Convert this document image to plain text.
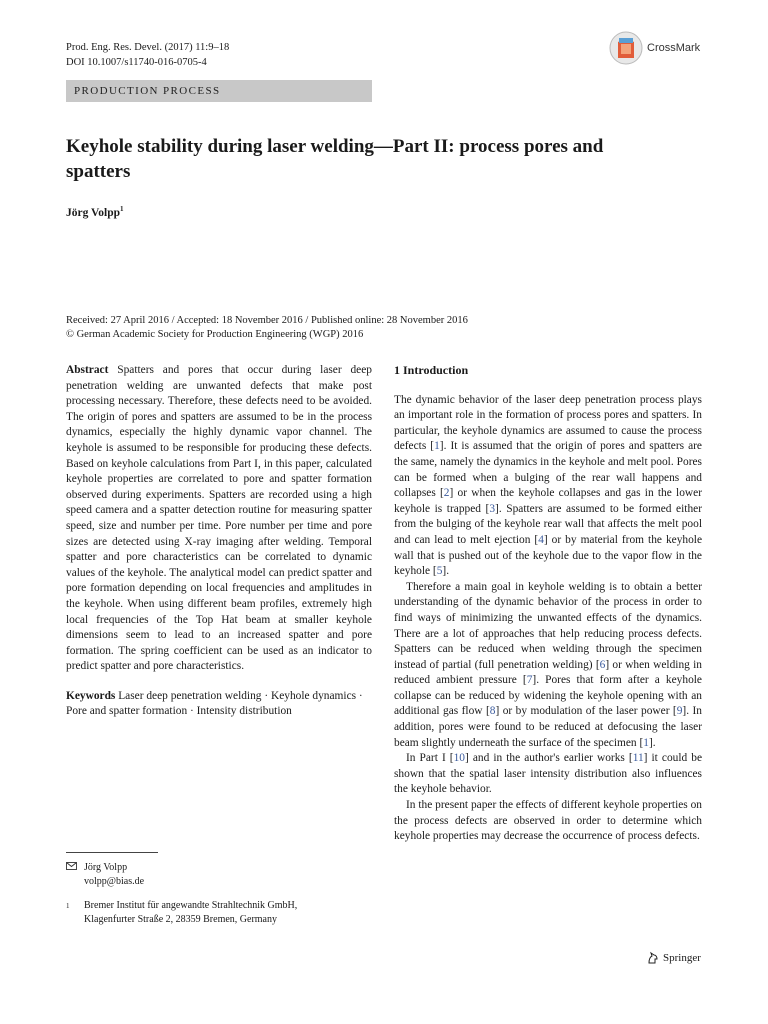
Prod. Eng. Res. Devel. (2017) 11:9–18
DOI 10.1007/s11740-016-0705-4
CrossMark
PRODUCTION PROCESS
Keyhole stability during laser welding—Part II: process pores and spatters
Jörg Volpp$^1$
Received: 27 April 2016 / Accepted: 18 November 2016 / Published online: 28 November 2016
© German Academic Society for Production Engineering (WGP) 2016

Abstract Spatters and pores that occur during laser deep penetration welding are unwanted defects that make post processing necessary. Therefore, these defects need to be avoided. The origin of pores and spatters are assumed to be in the process dynamics, especially the highly dynamic vapor channel. The keyhole is assumed to be responsible for producing these defects. Based on keyhole calculations from Part I, in this paper, calculated keyhole properties are correlated to pore and spatter formation observed during experiments. Spatters are recorded using a high speed camera and a spatter detection routine for measuring spatter speed, size and number per time. Pore number per time and pore sizes are detected using X-ray imaging after welding. Temporal spatter and pore characteristics can be correlated to dynamic values of the keyhole. The analytical model can predict spatter and pore formation depending on local frequencies and amplitudes in the keyhole. When using different beam profiles, extremely high local frequencies of the Top Hat beam at smaller keyhole dimensions seem to lead to an increased spatter and pore formation. The spring coefficient can be used as an indicator to predict spatter and pore characteristics.

Keywords Laser deep penetration welding · Keyhole dynamics · Pore and spatter formation · Intensity distribution

Jörg Volpp
volpp@bias.de
1	Bremer Institut für angewandte Strahltechnik GmbH,
Klagenfurter Straße 2, 28359 Bremen, Germany

1 Introduction

The dynamic behavior of the laser deep penetration process plays an important role in the formation of process pores and spatters. In particular, the keyhole dynamics are assumed to cause the process defects [1]. It is assumed that the origin of pores and spatters are the same, namely the dynamics in the keyhole and melt pool. Pores can be formed when a bulging of the rear wall happens and collapses [2] or when the keyhole collapses and gas in the lower keyhole is trapped [3]. Spatters are assumed to be formed either from the bulging of the keyhole rear wall that affects the melt pool and can lead to melt ejection [4] or by material from the keyhole wall that is pushed out of the keyhole due to the vapor flow in the keyhole [5].

Therefore a main goal in keyhole welding is to obtain a better understanding of the dynamic behavior of the process in order to find ways of minimizing the unwanted effects of the dynamics. There are a lot of approaches that help reducing process defects. Spatters can be reduced when welding through the specimen instead of partial (full penetration welding) [6] or when welding in reduced ambient pressure [7]. Pores that form after a keyhole collapse can be reduced by widening the keyhole opening with an additional gas flow [8] or by modulation of the laser power [9]. In addition, pores were found to be reduced at defocusing the laser beam slightly underneath the surface of the specimen [1].

In Part I [10] and in the author's earlier works [11] it could be shown that the spatial laser intensity distribution also influences the keyhole behavior.

In the present paper the effects of different keyhole properties on the process defects are observed in order to determine which keyhole properties may decrease the occurrence of process defects.

Springer
